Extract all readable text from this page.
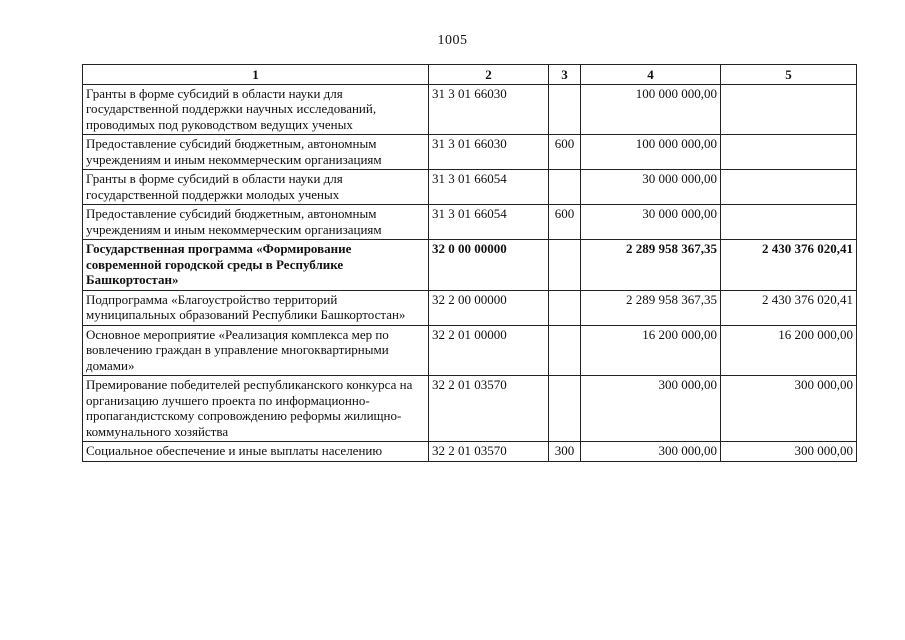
1005
1	2	3	4	5
Гранты в форме субсидий в области науки для государственной поддержки научных исследований, проводимых под руководством ведущих ученых	31 3 01 66030		100 000 000,00	
Предоставление субсидий бюджетным, автономным учреждениям и иным некоммерческим организациям	31 3 01 66030	600	100 000 000,00	
Гранты в форме субсидий в области науки для государственной поддержки молодых ученых	31 3 01 66054		30 000 000,00	
Предоставление субсидий бюджетным, автономным учреждениям и иным некоммерческим организациям	31 3 01 66054	600	30 000 000,00	
Государственная программа «Формирование современной городской среды в Республике Башкортостан»	32 0 00 00000		2 289 958 367,35	2 430 376 020,41
Подпрограмма «Благоустройство территорий муниципальных образований Республики Башкортостан»	32 2 00 00000		2 289 958 367,35	2 430 376 020,41
Основное мероприятие «Реализация комплекса мер по вовлечению граждан в управление многоквартирными домами»	32 2 01 00000		16 200 000,00	16 200 000,00
Премирование победителей республиканского конкурса на организацию лучшего проекта по информационно-пропагандистскому сопровождению реформы жилищно-коммунального хозяйства	32 2 01 03570		300 000,00	300 000,00
Социальное обеспечение и иные выплаты населению	32 2 01 03570	300	300 000,00	300 000,00
